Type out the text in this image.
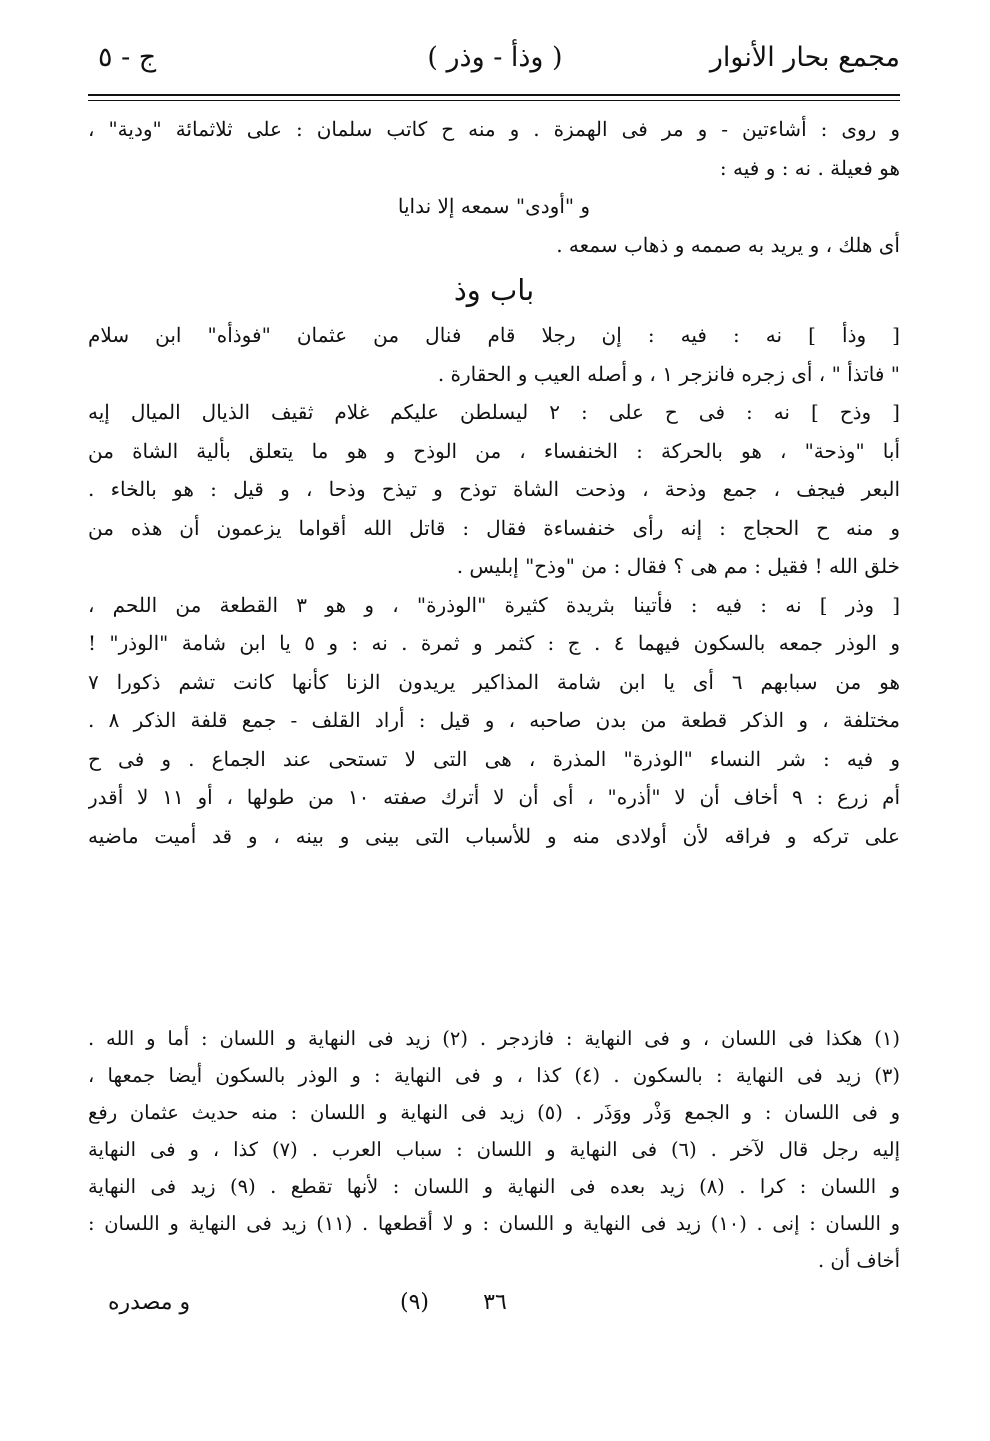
مجمع بحار الأنوار
( وذأ - وذر )
ج - ٥
و روى : أشاءتين - و مر فى الهمزة . و منه ح كاتب سلمان : على ثلاثمائة "ودية" ،
هو فعيلة . نه : و فيه :
و "أودى" سمعه إلا ندايا
أى هلك ، و يريد به صممه و ذهاب سمعه .
باب وذ
[ وذأ ] نه : فيه : إن رجلا قام فنال من عثمان "فوذأه" ابن سلام
" فاتذأ " ، أى زجره فانزجر ١ ، و أصله العيب و الحقارة .
[ وذح ] نه : فى ح على : ٢ ليسلطن عليكم غلام ثقيف الذيال الميال إيه
أبا "وذحة" ، هو بالحركة : الخنفساء ، من الوذح و هو ما يتعلق بألية الشاة من
البعر فيجف ، جمع وذحة ، وذحت الشاة توذح و تيذح وذحا ، و قيل : هو بالخاء .
و منه ح الحجاج : إنه رأى خنفساءة فقال : قاتل الله أقواما يزعمون أن هذه من
خلق الله ! فقيل : مم هى ؟ فقال : من "وذح" إبليس .
[ وذر ] نه : فيه : فأتينا بثريدة كثيرة "الوذرة" ، و هو ٣ القطعة من اللحم ،
و الوذر جمعه بالسكون فيهما ٤ . ج : كثمر و ثمرة . نه : و ٥ يا ابن شامة "الوذر" !
هو من سبابهم ٦ أى يا ابن شامة المذاكير يريدون الزنا كأنها كانت تشم ذكورا ٧
مختلفة ، و الذكر قطعة من بدن صاحبه ، و قيل : أراد القلف - جمع قلفة الذكر ٨ .
و فيه : شر النساء "الوذرة" المذرة ، هى التى لا تستحى عند الجماع . و فى ح
أم زرع : ٩ أخاف أن لا "أذره" ، أى أن لا أترك صفته ١٠ من طولها ، أو ١١ لا أقدر
على تركه و فراقه لأن أولادى منه و للأسباب التى بينى و بينه ، و قد أميت ماضيه
(١) هكذا فى اللسان ، و فى النهاية : فازدجر . (٢) زيد فى النهاية و اللسان : أما و الله .
(٣) زيد فى النهاية : بالسكون . (٤) كذا ، و فى النهاية : و الوذر بالسكون أيضا جمعها ،
و فى اللسان : و الجمع وَذْر ووَذَر . (٥) زيد فى النهاية و اللسان : منه حديث عثمان رفع
إليه رجل قال لآخر . (٦) فى النهاية و اللسان : سباب العرب . (٧) كذا ، و فى النهاية
و اللسان : كرا . (٨) زيد بعده فى النهاية و اللسان : لأنها تقطع . (٩) زيد فى النهاية
و اللسان : إنى . (١٠) زيد فى النهاية و اللسان : و لا أقطعها . (١١) زيد فى النهاية و اللسان :
أخاف أن .
٣٦
(٩)
و مصدره
